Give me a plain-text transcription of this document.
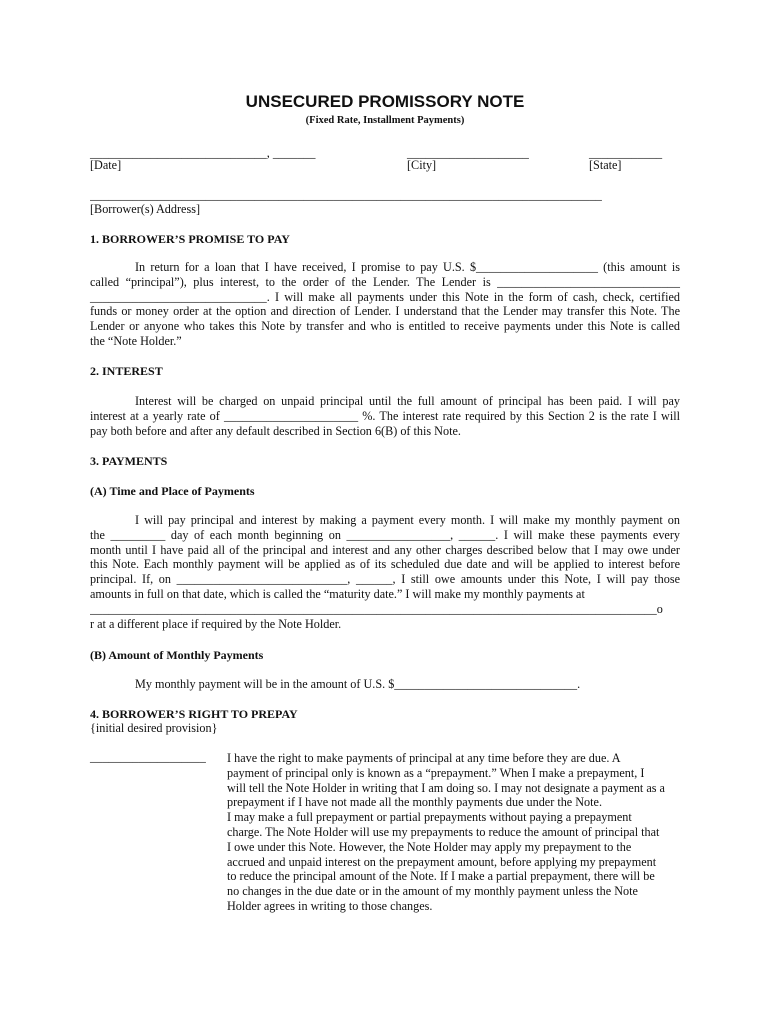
UNSECURED PROMISSORY NOTE
(Fixed Rate, Installment Payments)
_____________________________, _______	____________________	____________
[Date]	[City]	[State]
____________________________________________________________________________________
[Borrower(s) Address]
1. BORROWER’S PROMISE TO PAY
In return for a loan that I have received, I promise to pay U.S. $____________________ (this amount is
called “principal”), plus interest, to the order of the Lender. The Lender is ______________________________
_____________________________. I will make all payments under this Note in the form of cash, check, certified
funds or money order at the option and direction of Lender. I understand that the Lender may transfer this Note. The
Lender or anyone who takes this Note by transfer and who is entitled to receive payments under this Note is called
the “Note Holder.”
2. INTEREST
Interest will be charged on unpaid principal until the full amount of principal has been paid. I will pay
interest at a yearly rate of ______________________ %. The interest rate required by this Section 2 is the rate I will
pay both before and after any default described in Section 6(B) of this Note.
3. PAYMENTS
(A) Time and Place of Payments
I will pay principal and interest by making a payment every month. I will make my monthly payment on
the _________ day of each month beginning on _________________, ______. I will make these payments every
month until I have paid all of the principal and interest and any other charges described below that I may owe under
this Note. Each monthly payment will be applied as of its scheduled due date and will be applied to interest before
principal. If, on ____________________________, ______, I still owe amounts under this Note, I will pay those
amounts in full on that date, which is called the “maturity date.” I will make my monthly payments at
_____________________________________________________________________________________________o
r at a different place if required by the Note Holder.
(B) Amount of Monthly Payments
My monthly payment will be in the amount of U.S. $______________________________.
4. BORROWER’S RIGHT TO PREPAY
{initial desired provision}
___________________ I have the right to make payments of principal at any time before they are due. A
payment of principal only is known as a “prepayment.” When I make a prepayment, I
will tell the Note Holder in writing that I am doing so. I may not designate a payment as a
prepayment if I have not made all the monthly payments due under the Note.
I may make a full prepayment or partial prepayments without paying a prepayment
charge. The Note Holder will use my prepayments to reduce the amount of principal that
I owe under this Note. However, the Note Holder may apply my prepayment to the
accrued and unpaid interest on the prepayment amount, before applying my prepayment
to reduce the principal amount of the Note. If I make a partial prepayment, there will be
no changes in the due date or in the amount of my monthly payment unless the Note
Holder agrees in writing to those changes.
